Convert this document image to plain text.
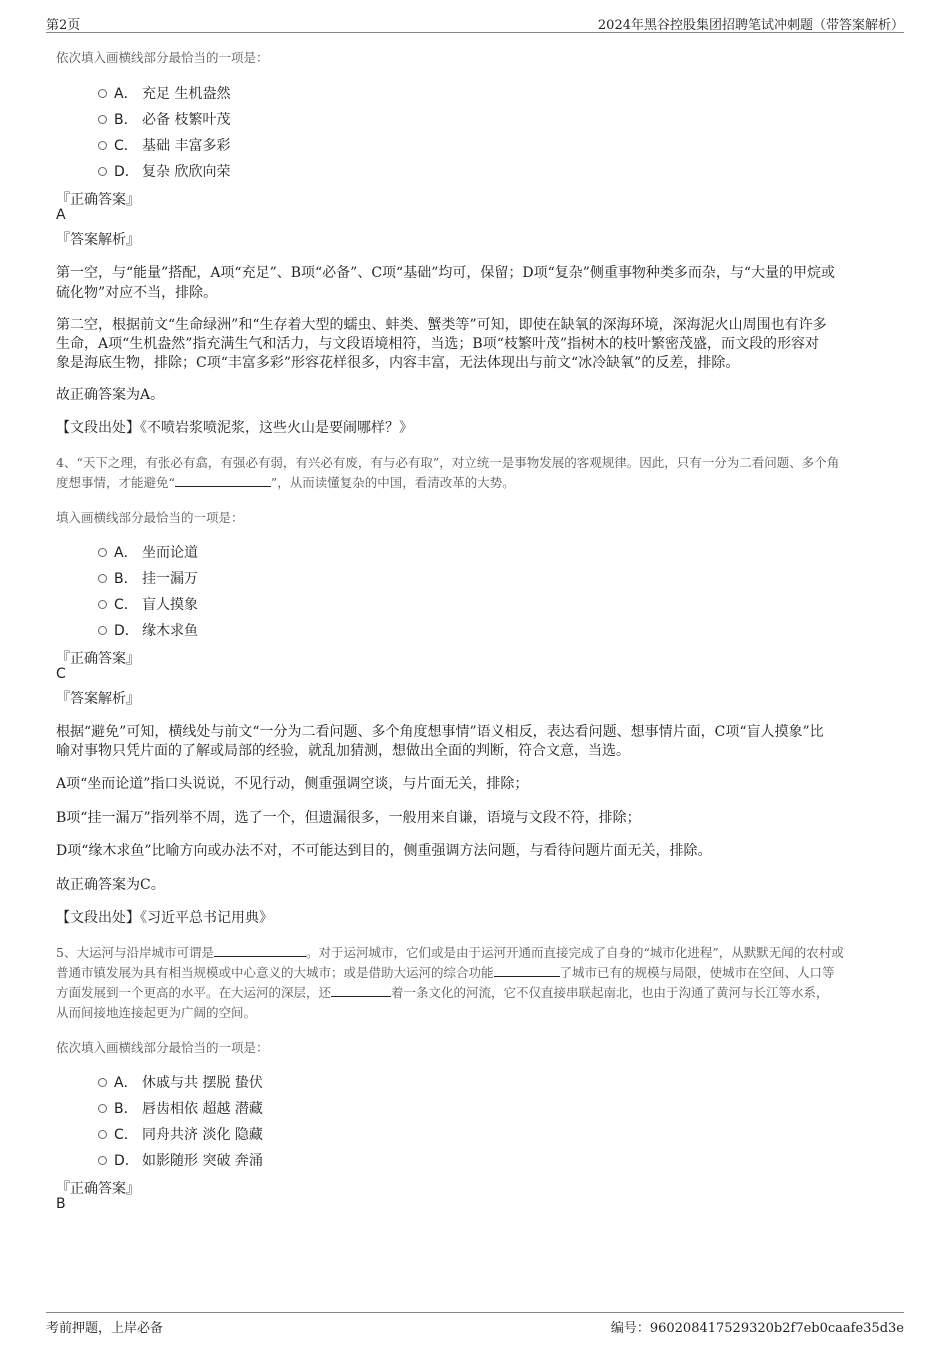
第2页	2024年黑谷控股集团招聘笔试冲刺题（带答案解析）
依次填入画横线部分最恰当的一项是：
A． 充足 生机盎然
B． 必备 枝繁叶茂
C． 基础 丰富多彩
D． 复杂 欣欣向荣
『正确答案』
A
『答案解析』
第一空，与“能量”搭配，A项“充足”、B项“必备”、C项“基础”均可，保留；D项“复杂”侧重事物种类多而杂，与“大量的甲烷或
硫化物”对应不当，排除。
第二空，根据前文“生命绿洲”和“生存着大型的蠕虫、蚌类、蟹类等”可知，即使在缺氧的深海环境，深海泥火山周围也有许多
生命，A项“生机盎然”指充满生气和活力，与文段语境相符，当选；B项“枝繁叶茂”指树木的枝叶繁密茂盛，而文段的形容对
象是海底生物，排除；C项“丰富多彩”形容花样很多，内容丰富，无法体现出与前文“冰冷缺氧”的反差，排除。
故正确答案为A。
【文段出处】《不喷岩浆喷泥浆，这些火山是要闹哪样？》
4、“天下之理，有张必有翕，有强必有弱，有兴必有废，有与必有取”，对立统一是事物发展的客观规律。因此，只有一分为二看问题、多个角
度想事情，才能避免“	”，从而读懂复杂的中国，看清改革的大势。
填入画横线部分最恰当的一项是：
A． 坐而论道
B． 挂一漏万
C． 盲人摸象
D． 缘木求鱼
『正确答案』
C
『答案解析』
根据“避免”可知，横线处与前文“一分为二看问题、多个角度想事情”语义相反，表达看问题、想事情片面，C项“盲人摸象”比
喻对事物只凭片面的了解或局部的经验，就乱加猜测，想做出全面的判断，符合文意，当选。
A项“坐而论道”指口头说说，不见行动，侧重强调空谈，与片面无关，排除；
B项“挂一漏万”指列举不周，选了一个，但遗漏很多，一般用来自谦，语境与文段不符，排除；
D项“缘木求鱼”比喻方向或办法不对，不可能达到目的，侧重强调方法问题，与看待问题片面无关，排除。
故正确答案为C。
【文段出处】《习近平总书记用典》
5、大运河与沿岸城市可谓是	。对于运河城市，它们或是由于运河开通而直接完成了自身的“城市化进程”，从默默无闻的农村或
普通市镇发展为具有相当规模或中心意义的大城市；或是借助大运河的综合功能	了城市已有的规模与局限，使城市在空间、人口等
方面发展到一个更高的水平。在大运河的深层，还	着一条文化的河流，它不仅直接串联起南北，也由于沟通了黄河与长江等水系，
从而间接地连接起更为广阔的空间。
依次填入画横线部分最恰当的一项是：
A． 休戚与共 摆脱 蛰伏
B． 唇齿相依 超越 潜藏
C． 同舟共济 淡化 隐藏
D． 如影随形 突破 奔涌
『正确答案』
B
考前押题，上岸必备	编号：960208417529320b2f7eb0caafe35d3e
